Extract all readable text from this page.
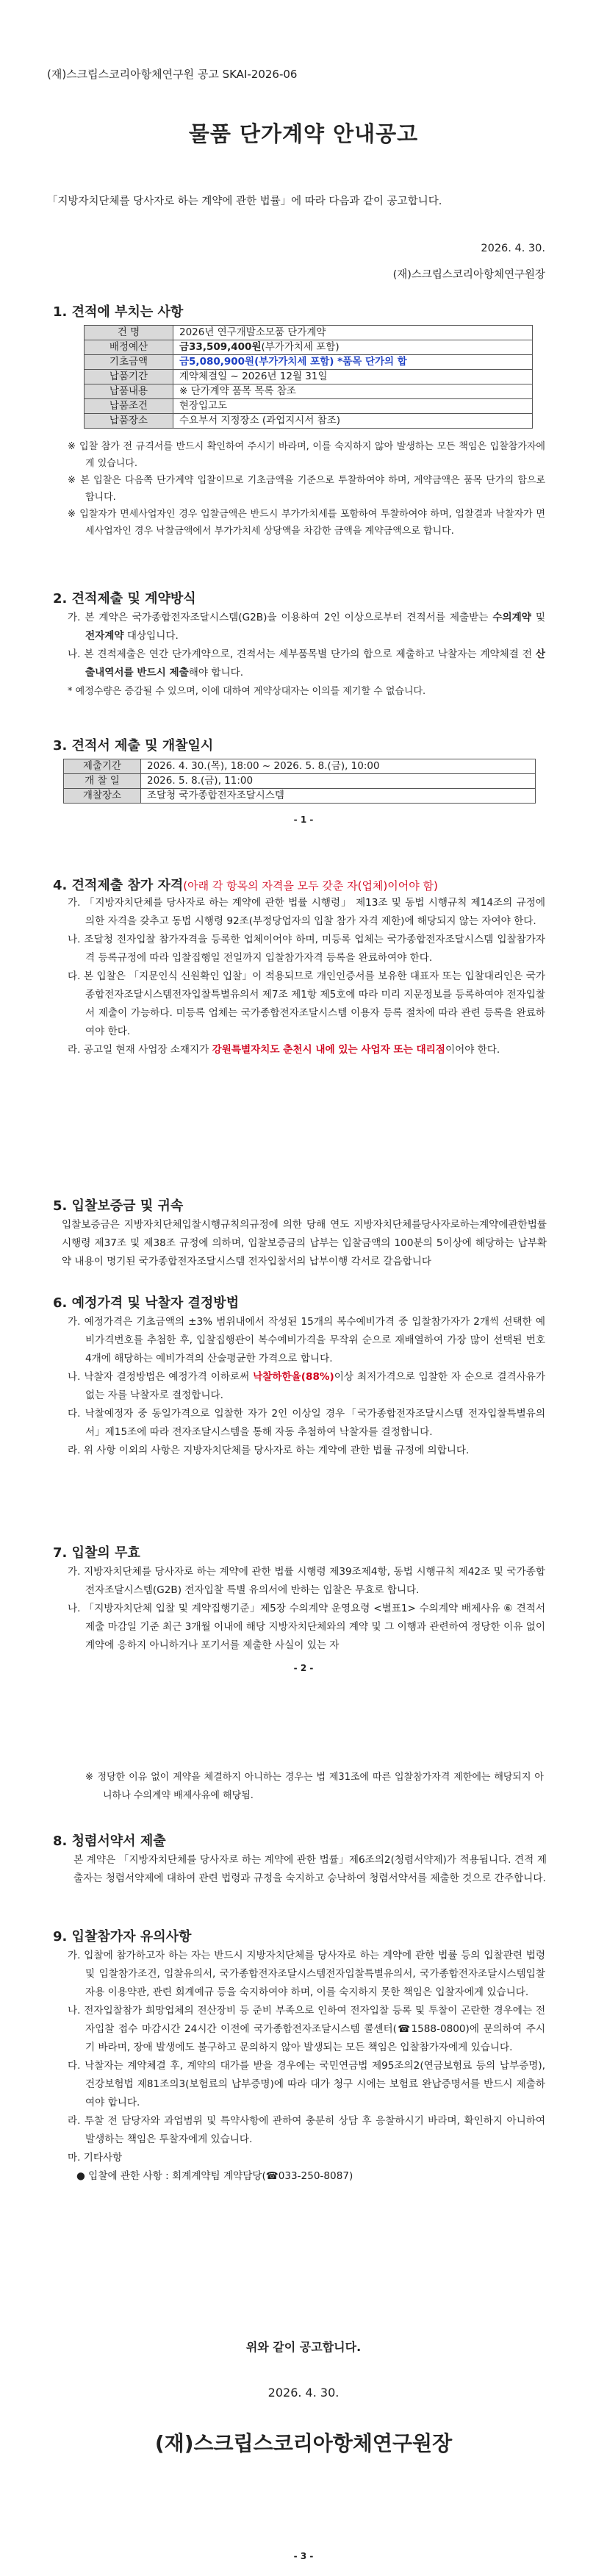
(재)스크립스코리아항체연구원 공고 SKAI-2026-06
물품 단가계약 안내공고
「지방자치단체를 당사자로 하는 계약에 관한 법률」에 따라 다음과 같이 공고합니다.
2026. 4. 30.
(재)스크립스코리아항체연구원장
1. 견적에 부치는 사항
건 명	2026년 연구개발소모품 단가계약
배정예산	금33,509,400원(부가가치세 포함)
기초금액	금5,080,900원(부가가치세 포함) *품목 단가의 합
납품기간	계약체결일 ~ 2026년 12월 31일
납품내용	※ 단가계약 품목 목록 참조
납품조건	현장입고도
납품장소	수요부서 지정장소 (과업지시서 참조)
※ 입찰 참가 전 규격서를 반드시 확인하여 주시기 바라며, 이를 숙지하지 않아 발생하는 모든 책임은 입찰참가자에게 있습니다.
※ 본 입찰은 다음쪽 단가계약 입찰이므로 기초금액을 기준으로 투찰하여야 하며, 계약금액은 품목 단가의 합으로 합니다.
※ 입찰자가 면세사업자인 경우 입찰금액은 반드시 부가가치세를 포함하여 투찰하여야 하며, 입찰결과 낙찰자가 면세사업자인 경우 낙찰금액에서 부가가치세 상당액을 차감한 금액을 계약금액으로 합니다.
2. 견적제출 및 계약방식
가. 본 계약은 국가종합전자조달시스템(G2B)을 이용하여 2인 이상으로부터 견적서를 제출받는 수의계약 및 전자계약 대상입니다.
나. 본 견적제출은 연간 단가계약으로, 견적서는 세부품목별 단가의 합으로 제출하고 낙찰자는 계약체결 전 산출내역서를 반드시 제출해야 합니다.
* 예정수량은 증감될 수 있으며, 이에 대하여 계약상대자는 이의를 제기할 수 없습니다.
3. 견적서 제출 및 개찰일시
제출기간	2026. 4. 30.(목), 18:00 ~ 2026. 5. 8.(금), 10:00
개 찰 일	2026. 5. 8.(금), 11:00
개찰장소	조달청 국가종합전자조달시스템
- 1 -
4. 견적제출 참가 자격(아래 각 항목의 자격을 모두 갖춘 자(업체)이어야 함)
가. 「지방자치단체를 당사자로 하는 계약에 관한 법률 시행령」 제13조 및 동법 시행규칙 제14조의 규정에 의한 자격을 갖추고 동법 시행령 92조(부정당업자의 입찰 참가 자격 제한)에 해당되지 않는 자여야 한다.
나. 조달청 전자입찰 참가자격을 등록한 업체이어야 하며, 미등록 업체는 국가종합전자조달시스템 입찰참가자격 등록규정에 따라 입찰집행일 전일까지 입찰참가자격 등록을 완료하여야 한다.
다. 본 입찰은 「지문인식 신원확인 입찰」이 적용되므로 개인인증서를 보유한 대표자 또는 입찰대리인은 국가종합전자조달시스템전자입찰특별유의서 제7조 제1항 제5호에 따라 미리 지문정보를 등록하여야 전자입찰서 제출이 가능하다. 미등록 업체는 국가종합전자조달시스템 이용자 등록 절차에 따라 관련 등록을 완료하여야 한다.
라. 공고일 현재 사업장 소재지가 강원특별자치도 춘천시 내에 있는 사업자 또는 대리점이어야 한다.
5. 입찰보증금 및 귀속
입찰보증금은 지방자치단체입찰시행규칙의규정에 의한 당해 연도 지방자치단체를당사자로하는계약에관한법률시행령 제37조 및 제38조 규정에 의하며, 입찰보증금의 납부는 입찰금액의 100분의 5이상에 해당하는 납부확약 내용이 명기된 국가종합전자조달시스템 전자입찰서의 납부이행 각서로 갈음합니다
6. 예정가격 및 낙찰자 결정방법
가. 예정가격은 기초금액의 ±3% 범위내에서 작성된 15개의 복수예비가격 중 입찰참가자가 2개씩 선택한 예비가격번호를 추첨한 후, 입찰집행관이 복수예비가격을 무작위 순으로 재배열하여 가장 많이 선택된 번호 4개에 해당하는 예비가격의 산술평균한 가격으로 합니다.
나. 낙찰자 결정방법은 예정가격 이하로써 낙찰하한율(88%)이상 최저가격으로 입찰한 자 순으로 결격사유가 없는 자를 낙찰자로 결정합니다.
다. 낙찰예정자 중 동일가격으로 입찰한 자가 2인 이상일 경우「국가종합전자조달시스템 전자입찰특별유의서」제15조에 따라 전자조달시스템을 통해 자동 추첨하여 낙찰자를 결정합니다.
라. 위 사항 이외의 사항은 지방자치단체를 당사자로 하는 계약에 관한 법률 규정에 의합니다.
7. 입찰의 무효
가. 지방자치단체를 당사자로 하는 계약에 관한 법률 시행령 제39조제4항, 동법 시행규칙 제42조 및 국가종합전자조달시스템(G2B) 전자입찰 특별 유의서에 반하는 입찰은 무효로 합니다.
나. 「지방자치단체 입찰 및 계약집행기준」제5장 수의계약 운영요령 <별표1> 수의계약 배제사유 ⑥ 견적서 제출 마감일 기준 최근 3개월 이내에 해당 지방자치단체와의 계약 및 그 이행과 관련하여 정당한 이유 없이 계약에 응하지 아니하거나 포기서를 제출한 사실이 있는 자
- 2 -
※ 정당한 이유 없이 계약을 체결하지 아니하는 경우는 법 제31조에 따른 입찰참가자격 제한에는 해당되지 아니하나 수의계약 배제사유에 해당됨.
8. 청렴서약서 제출
본 계약은 「지방자치단체를 당사자로 하는 계약에 관한 법률」제6조의2(청렴서약제)가 적용됩니다. 견적 제출자는 청렴서약제에 대하여 관련 법령과 규정을 숙지하고 승낙하여 청렴서약서를 제출한 것으로 간주합니다.
9. 입찰참가자 유의사항
가. 입찰에 참가하고자 하는 자는 반드시 지방자치단체를 당사자로 하는 계약에 관한 법률 등의 입찰관련 법령 및 입찰참가조건, 입찰유의서, 국가종합전자조달시스템전자입찰특별유의서, 국가종합전자조달시스템입찰자용 이용약관, 관련 회계예규 등을 숙지하여야 하며, 이를 숙지하지 못한 책임은 입찰자에게 있습니다.
나. 전자입찰참가 희망업체의 전산장비 등 준비 부족으로 인하여 전자입찰 등록 및 투찰이 곤란한 경우에는 전자입찰 접수 마감시간 24시간 이전에 국가종합전자조달시스템 콜센터(☎1588-0800)에 문의하여 주시기 바라며, 장애 발생에도 불구하고 문의하지 않아 발생되는 모든 책임은 입찰참가자에게 있습니다.
다. 낙찰자는 계약체결 후, 계약의 대가를 받을 경우에는 국민연금법 제95조의2(연금보험료 등의 납부증명), 건강보험법 제81조의3(보험료의 납부증명)에 따라 대가 청구 시에는 보험료 완납증명서를 반드시 제출하여야 합니다.
라. 투찰 전 담당자와 과업범위 및 특약사항에 관하여 충분히 상담 후 응찰하시기 바라며, 확인하지 아니하여 발생하는 책임은 투찰자에게 있습니다.
마. 기타사항
● 입찰에 관한 사항 : 회계계약팀 계약담당(☎033-250-8087)
위와 같이 공고합니다.
2026. 4. 30.
(재)스크립스코리아항체연구원장
- 3 -
